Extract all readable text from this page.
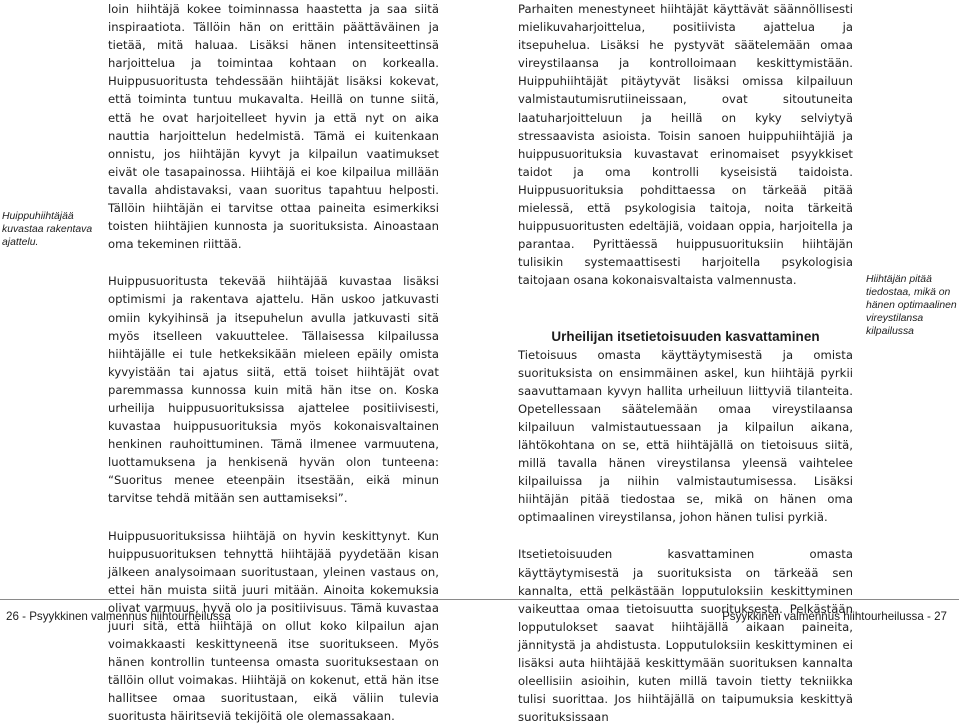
loin hiihtäjä kokee toiminnassa haastetta ja saa siitä inspiraatiota. Tällöin hän on erittäin päättäväinen ja tietää, mitä haluaa. Lisäksi hänen intensiteettinsä harjoittelua ja toimintaa kohtaan on korkealla. Huippusuoritusta tehdessään hiihtäjät lisäksi kokevat, että toiminta tuntuu mukavalta. Heillä on tunne siitä, että he ovat harjoitelleet hyvin ja että nyt on aika nauttia harjoittelun hedelmistä. Tämä ei kuitenkaan onnistu, jos hiihtäjän kyvyt ja kilpailun vaatimukset eivät ole tasapainossa. Hiihtäjä ei koe kilpailua millään tavalla ahdistavaksi, vaan suoritus tapahtuu helposti. Tällöin hiihtäjän ei tarvitse ottaa paineita esimerkiksi toisten hiihtäjien kunnosta ja suorituksista. Ainoastaan oma tekeminen riittää.

Huippusuoritusta tekevää hiihtäjää kuvastaa lisäksi optimismi ja rakentava ajattelu. Hän uskoo jatkuvasti omiin kykyihinsä ja itsepuhelun avulla jatkuvasti sitä myös itselleen vakuuttelee. Tällaisessa kilpailussa hiihtäjälle ei tule hetkeksikään mieleen epäily omista kyvyistään tai ajatus siitä, että toiset hiihtäjät ovat paremmassa kunnossa kuin mitä hän itse on. Koska urheilija huippusuorituksissa ajattelee positiivisesti, kuvastaa huippusuorituksia myös kokonaisvaltainen henkinen rauhoittuminen. Tämä ilmenee varmuutena, luottamuksena ja henkisenä hyvän olon tunteena: “Suoritus menee eteenpäin itsestään, eikä minun tarvitse tehdä mitään sen auttamiseksi”.

Huippusuorituksissa hiihtäjä on hyvin keskittynyt. Kun huippusuorituksen tehnyttä hiihtäjää pyydetään kisan jälkeen analysoimaan suoritustaan, yleinen vastaus on, ettei hän muista siitä juuri mitään. Ainoita kokemuksia olivat varmuus, hyvä olo ja positiivisuus. Tämä kuvastaa juuri sitä, että hiihtäjä on ollut koko kilpailun ajan voimakkaasti keskittyneenä itse suoritukseen. Myös hänen kontrollin tunteensa omasta suorituksestaan on tällöin ollut voimakas. Hiihtäjä on kokenut, että hän itse hallitsee omaa suoritustaan, eikä väliin tulevia suoritusta häiritseviä tekijöitä ole olemassakaan.

Parhaiten menestyneet hiihtäjät käyttävät säännöllisesti mielikuvaharjoittelua, positiivista ajattelua ja itsepuhelua. Lisäksi he pystyvät säätelemään omaa vireystilaansa ja kontrolloimaan keskittymistään. Huippuhiihtäjät pitäytyvät lisäksi omissa kilpailuun valmistautumisrutiineissaan, ovat sitoutuneita laatuharjoitteluun ja heillä on kyky selviytyä stressaavista asioista. Toisin sanoen huippuhiihtäjiä ja huippusuorituksia kuvastavat erinomaiset psyykkiset taidot ja oma kontrolli kyseisistä taidoista. Huippusuorituksia pohdittaessa on tärkeää pitää mielessä, että psykologisia taitoja, noita tärkeitä huippusuoritusten edeltäjiä, voidaan oppia, harjoitella ja parantaa. Pyrittäessä huippusuorituksiin hiihtäjän tulisikin systemaattisesti harjoitella psykologisia taitojaan osana kokonaisvaltaista valmennusta.

Urheilijan itsetietoisuuden kasvattaminen

Tietoisuus omasta käyttäytymisestä ja omista suorituksista on ensimmäinen askel, kun hiihtäjä pyrkii saavuttamaan kyvyn hallita urheiluun liittyviä tilanteita. Opetellessaan säätelemään omaa vireystilaansa kilpailuun valmistautuessaan ja kilpailun aikana, lähtökohtana on se, että hiihtäjällä on tietoisuus siitä, millä tavalla hänen vireystilansa yleensä vaihtelee kilpailuissa ja niihin valmistautumisessa. Lisäksi hiihtäjän pitää tiedostaa se, mikä on hänen oma optimaalinen vireystilansa, johon hänen tulisi pyrkiä.

Itsetietoisuuden kasvattaminen omasta käyttäytymisestä ja suorituksista on tärkeää sen kannalta, että pelkästään lopputuloksiin keskittyminen vaikeuttaa omaa tietoisuutta suorituksesta. Pelkästään lopputulokset saavat hiihtäjällä aikaan paineita, jännitystä ja ahdistusta. Lopputuloksiin keskittyminen ei lisäksi auta hiihtäjää keskittymään suorituksen kannalta oleellisiin asioihin, kuten millä tavoin tietty tekniikka tulisi suorittaa. Jos hiihtäjällä on taipumuksia keskittyä suorituksissaan

Huippuhiihtäjää kuvastaa rakentava ajattelu.
Hiihtäjän pitää tiedostaa, mikä on hänen optimaalinen vireystilansa kilpailussa
26 - Psyykkinen valmennus hiihtourheilussa	Psyykkinen valmennus hiihtourheilussa - 27
